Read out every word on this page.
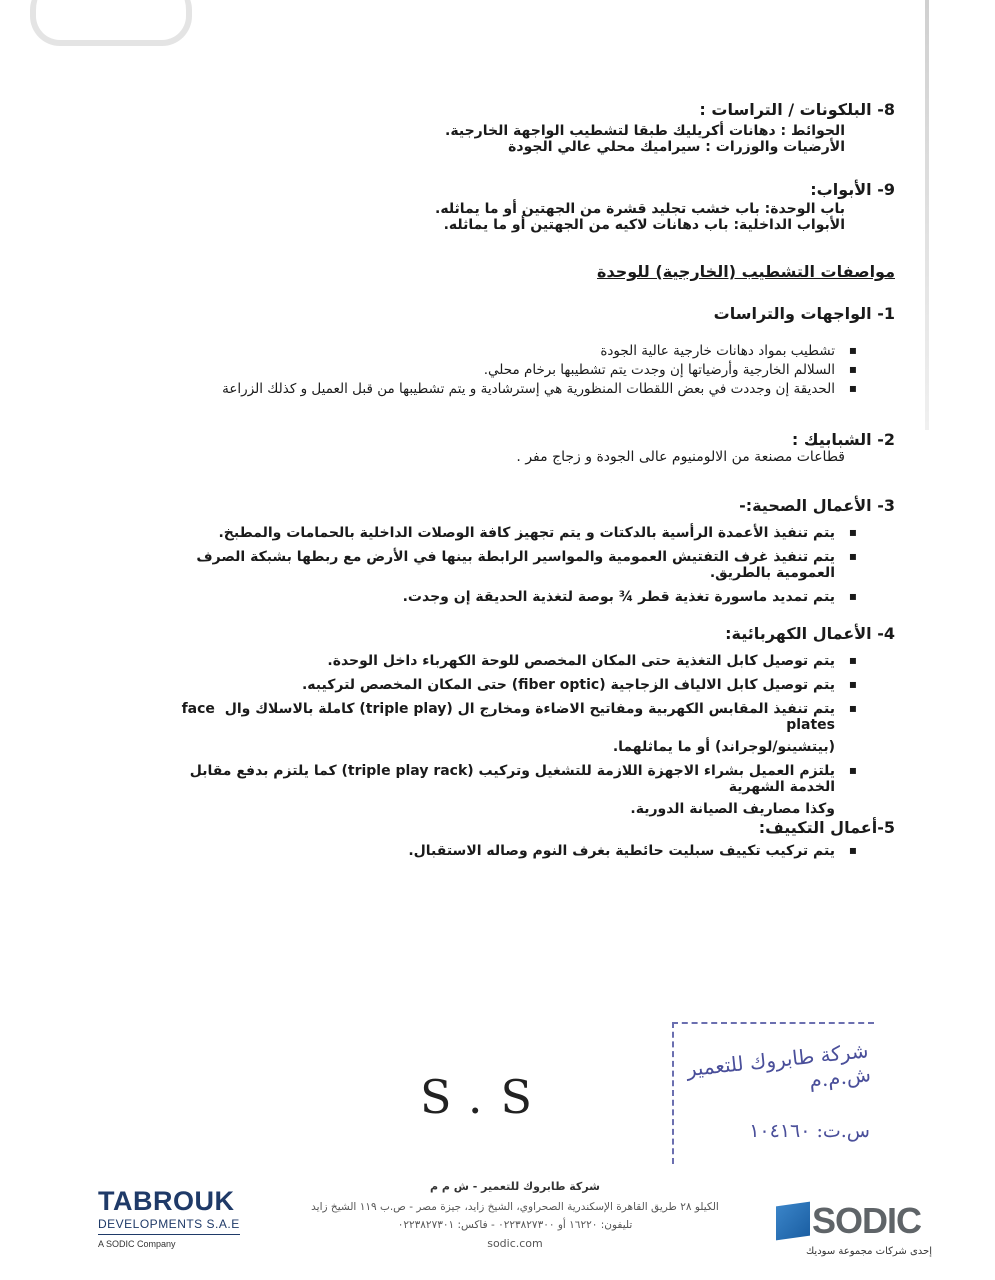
8- البلكونات / التراسات :
الحوائط : دهانات أكريليك طبقا لتشطيب الواجهة الخارجية.
الأرضيات والوزرات : سيراميك محلي عالي الجودة
9- الأبواب:
باب الوحدة: باب خشب تجليد قشرة من الجهتين أو ما يماثله.
الأبواب الداخلية: باب دهانات لاكيه من الجهتين أو ما يماثله.
مواصفات التشطيب (الخارجية) للوحدة
1- الواجهات والتراسات
▪ تشطيب بمواد دهانات خارجية عالية الجودة
▪ السلالم الخارجية وأرضياتها إن وجدت يتم تشطيبها برخام محلي.
▪ الحديقة إن وجددت في بعض اللقطات المنظورية هي إسترشادية و يتم تشطيبها من قبل العميل و كذلك الزراعة
2- الشبابيك :
قطاعات مصنعة من الالومنيوم عالى الجودة و زجاج مفر .
3- الأعمال الصحية:-
▪ يتم تنفيذ الأعمدة الرأسية بالدكتات و يتم تجهيز كافة الوصلات الداخلية بالحمامات والمطبخ.
▪ يتم تنفيذ غرف التفتيش العمومية والمواسير الرابطة بينها في الأرض مع ربطها بشبكة الصرف العمومية بالطريق.
▪ يتم تمديد ماسورة تغذية قطر ¾ بوصة لتغذية الحديقة إن وجدت.
4- الأعمال الكهربائية:
▪ يتم توصيل كابل التغذية حتى المكان المخصص للوحة الكهرباء داخل الوحدة.
▪ يتم توصيل كابل الالياف الزجاجية (fiber optic) حتى المكان المخصص لتركيبه.
▪ يتم تنفيذ المقابس الكهربية ومفاتيح الاضاءة ومخارج ال (triple play) كاملة بالاسلاك وال  face plates
(بيتشينو/لوجراند) أو ما يماثلهما.
▪ يلتزم العميل بشراء الاجهزة اللازمة للتشغيل وتركيب (triple play rack) كما يلتزم بدفع مقابل الخدمة الشهرية
وكذا مصاريف الصيانة الدورية.
5-أعمال التكييف:
▪ يتم تركيب تكييف سبليت حائطية بغرف النوم وصاله الاستقبال.
S.S
شركة طابروك للتعمير ش.م.م
س.ت: ١٠٤١٦٠
شركة طابروك للتعمير - ش م م
الكيلو ٢٨ طريق القاهرة الإسكندرية الصحراوي، الشيخ زايد، جيزة مصر - ص.ب ١١٩ الشيخ زايد
تليفون: ١٦٢٢٠ أو ٠٢٢٣٨٢٧٣٠٠ - فاكس: ٠٢٢٣٨٢٧٣٠١
sodic.com
TABROUK
DEVELOPMENTS S.A.E
A SODIC Company
SODIC
إحدى شركات مجموعة سوديك
